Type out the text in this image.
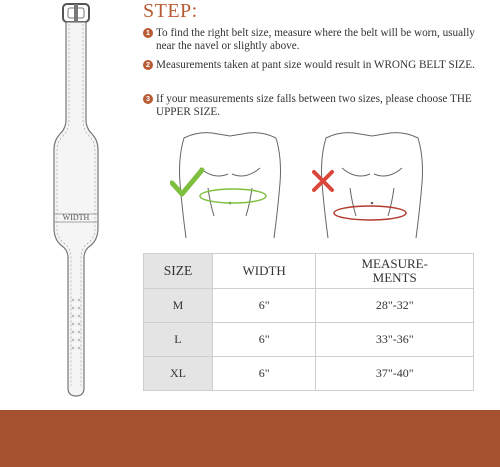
WIDTH
STEP:
1 To find the right belt size, measure where the belt will be worn, usually near the navel or slightly above.
2 Measurements taken at pant size would result in WRONG BELT SIZE.
3 If your measurements size falls between two sizes, please choose THE UPPER SIZE.
SIZE	WIDTH	MEASURE-
MENTS
M	6"	28"-32"
L	6"	33"-36"
XL	6"	37"-40"
